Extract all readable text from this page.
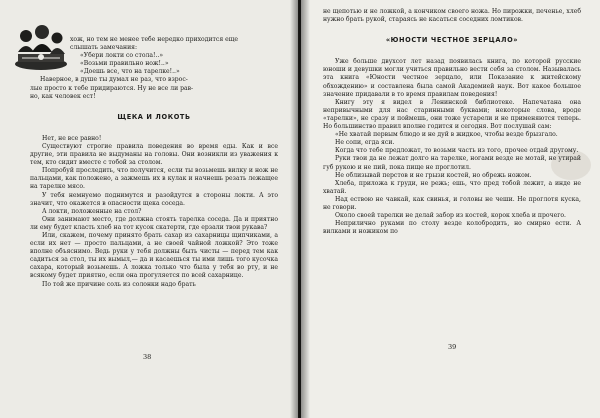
хож, но тем не менее тебе нередко приходится еще

слышать замечания:

«Убери локти со стола!..»

«Возьми правильно нож!..»

«Доешь все, что на тарелке!..»

Наверное, в душе ты думал не раз, что взрос-

лые просто к тебе придираются. Ну не все ли рав-

но, как человек ест!

ЩЕКА И ЛОКОТЬ

Нет, не все равно!

Существуют строгие правила поведения во время еды. Как и все другие, эти правила не выдуманы на головы. Они возникли из уважения к тем, кто сидит вместе с тобой за столом.

Попробуй проследить, что получится, если ты возьмешь вилку и нож не пальцами, как положено, а зажмешь их в кулак и начнешь резать лежащее на тарелке мясо.

У тебя немнуемо поднимутся и разойдутся в стороны локти. А это значит, что окажется в опасности щека соседа.

А локти, положенные на стол?

Они занимают место, где должна стоять тарелка соседа. Да и приятно ли ему будет класть хлеб на тот кусок скатерти, где ерзали твои рукава?

Или, скажем, почему принято брать сахар из сахарницы щипчиками, а если их нет — просто пальцами, а не своей чайной ложкой? Это тоже вполне объяснимо. Ведь руки у тебя должны быть чисты — перед тем как садиться за стол, ты их вымыл,— да и касаешься ты ими лишь того кусочка сахара, который возьмешь. А ложка только что была у тебя во рту, и не всякому будет приятно, если она прогуляется по всей сахарнице.

По той же причине соль из солонки надо брать

38

не щепотью и не ложкой, а кончиком своего ножа. Но пирожки, печенье, хлеб нужно брать рукой, стараясь не касаться соседних ломтиков.

«ЮНОСТИ ЧЕСТНОЕ ЗЕРЦАЛО»

Уже больше двухсот лет назад появилась книга, по которой русские юноши и девушки могли учиться правильно вести себя за столом. Называлась эта книга «Юности честное зерцало, или Показание к житейскому обхождению» и составлена была самой Академией наук. Вот какое большое значение придавали в то время правилам поведения!

Книгу эту я видел в Ленинской библиотеке. Напечатана она непривычными для нас старинными буквами; некоторые слова, вроде «тарелки», не сразу и поймешь, они тоже устарели и не применяются теперь. Но большинство правил вполне годится и сегодня. Вот послушай сам:

«Не хватай первым блюдо и не дуй в жидкое, чтобы везде брызгало.

Не сопи, егда яси.

Когда что тебе предложат, то возьми часть из того, прочее отдай другому.

Руки твои да не лежат долго на тарелке, ногами везде не мотай, не утирай губ рукою и не пий, пока пище не проглотил.

Не облизывай перстов и не грызи костей, но обрежь ножом.

Хлеба, приложа к груди, не режь; ешь, что пред тобой лежит, а инде не хватай.

Над ествою не чавкай, как свинья, и головы не чеши. Не проглотя куска, не говори.

Около своей тарелки не делай забор из костей, корок хлеба и прочего.

Неприлично руками по столу везде колобродить, но смирно ести. А вилками и ножиком по

39
